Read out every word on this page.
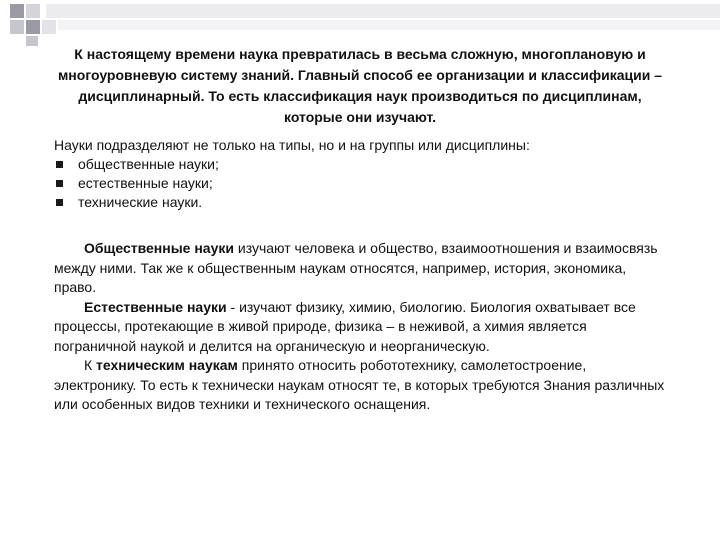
К настоящему времени наука превратилась в весьма сложную, многоплановую и многоуровневую систему знаний. Главный способ ее организации и классификации – дисциплинарный. То есть классификация наук производиться по дисциплинам, которые они изучают.

Науки подразделяют не только на типы, но и на группы или дисциплины:

общественные науки;
естественные науки;
технические науки.

Общественные науки изучают человека и общество, взаимоотношения и взаимосвязь между ними. Так же к общественным наукам относятся, например, история, экономика, право.

Естественные науки - изучают физику, химию, биологию. Биология охватывает все процессы, протекающие в живой природе, физика – в неживой, а химия является пограничной наукой и делится на органическую и неорганическую.

К техническим наукам принято относить робототехнику, самолетостроение, электронику. То есть к технически наукам относят те, в которых требуются Знания различных или особенных видов техники и технического оснащения.
